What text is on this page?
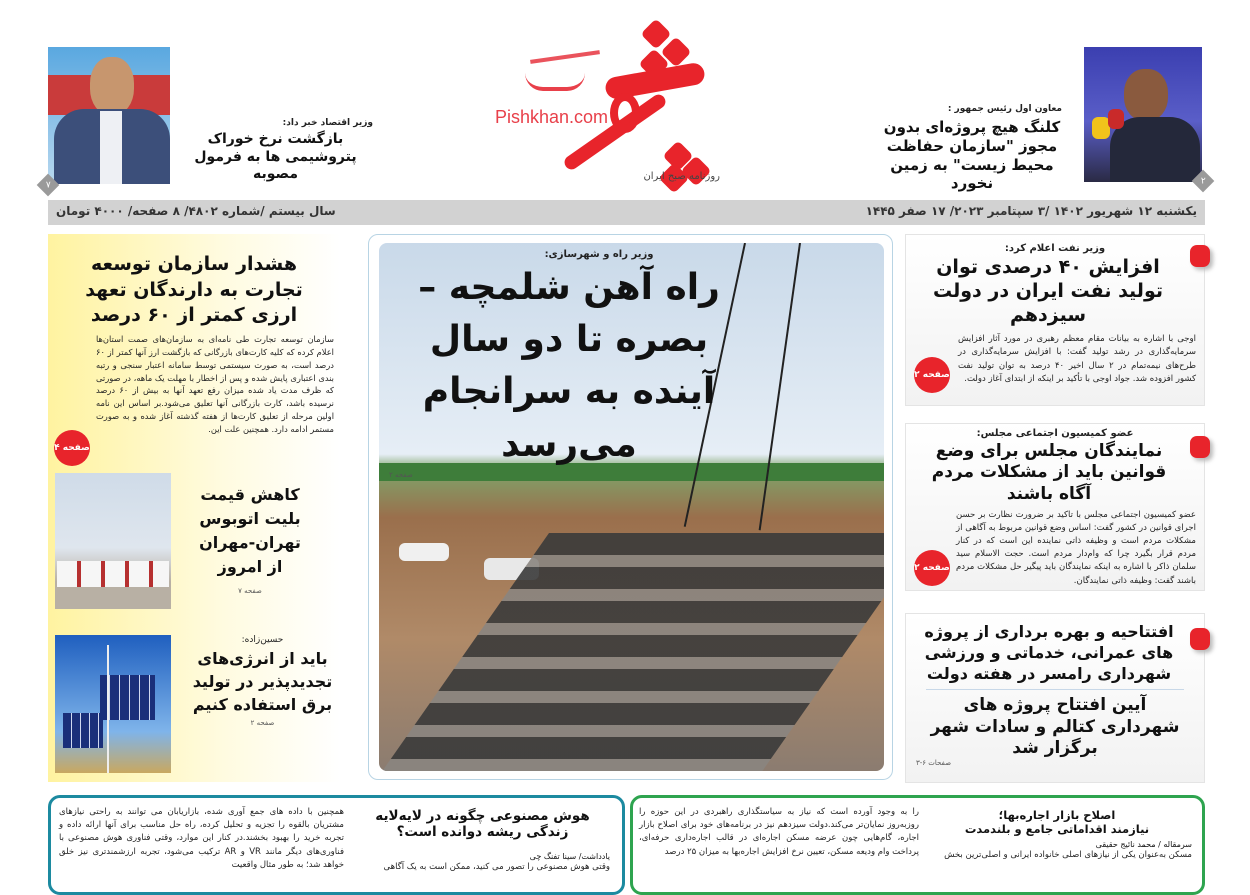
Pishkhan.com
روزنامه صبح ایران	۲
معاون اول رئیس جمهور :
کلنگ هیچ پروژه‌ای بدون مجوز "سازمان حفاظت محیط زیست" به زمین نخورد
۷
وزیر اقتصاد خبر داد:
بازگشت نرخ خوراک پتروشیمی ها به فرمول مصوبه
یکشنبه ۱۲ شهریور ۱۴۰۲ /۳ سپتامبر ۲۰۲۳/ ۱۷ صفر ۱۴۴۵
سال بیستم /شماره ۴۸۰۲/ ۸ صفحه/ ۴۰۰۰ تومان
وزیر راه و شهرسازی:
راه آهن شلمچه – بصره تا دو سال آینده به سرانجام می‌رسد
صفحه ۲
وزیر نفت اعلام کرد:
افزایش ۴۰ درصدی توان تولید نفت ایران در دولت سیزدهم
اوجی با اشاره به بیانات مقام معظم رهبری در مورد آثار افزایش سرمایه‌گذاری در رشد تولید گفت: با افزایش سرمایه‌گذاری در طرح‌های نیمه‌تمام در ۲ سال اخیر ۴۰ درصد به توان تولید نفت کشور افزوده شد. جواد اوجی با تأکید بر اینکه از ابتدای آغاز دولت.
صفحه ۲
عضو کمیسیون اجتماعی مجلس:
نمایندگان مجلس برای وضع قوانین باید از مشکلات مردم آگاه باشند
عضو کمیسیون اجتماعی مجلس با تاکید بر ضرورت نظارت بر حسن اجرای قوانین در کشور گفت: اساس وضع قوانین مربوط به آگاهی از مشکلات مردم است و وظیفه ذاتی نماینده این است که در کنار مردم قرار بگیرد چرا که وام‌دار مردم است. حجت الاسلام سید سلمان ذاکر با اشاره به اینکه نمایندگان باید پیگیر حل مشکلات مردم باشند گفت: وظیفه ذاتی نمایندگان.
صفحه ۲
افتتاحیه و بهره برداری از پروژه های عمرانی، خدماتی و ورزشی شهرداری رامسر در هفته دولت
آیین افتتاح پروژه های شهرداری کتالم و سادات شهر برگزار شد
صفحات ۶-۳
هشدار سازمان توسعه تجارت به دارندگان تعهد ارزی کمتر از ۶۰ درصد
سازمان توسعه تجارت طی نامه‌ای به سازمان‌های صمت استان‌ها اعلام کرده که کلیه کارت‌های بازرگانی که بازگشت ارز آنها کمتر از ۶۰ درصد است، به صورت سیستمی توسط سامانه اعتبار سنجی و رتبه بندی اعتباری پایش شده و پس از اخطار با مهلت یک ماهه، در صورتی که ظرف مدت یاد شده میزان رفع تعهد آنها به بیش از ۶۰ درصد نرسیده باشد، کارت بازرگانی آنها تعلیق می‌شود.بر اساس این نامه اولین مرحله از تعلیق کارت‌ها از هفته گذشته آغاز شده و به صورت مستمر ادامه دارد. همچنین علت این.
صفحه ۴
کاهش قیمت بلیت اتوبوس تهران-مهران از امروز
صفحه ۷
حسین‌زاده:
باید از انرژی‌های تجدیدپذیر در تولید برق استفاده کنیم
صفحه ۲
هوش مصنوعی چگونه در لایه‌لایه زندگی ریشه دوانده است؟
یادداشت/ سینا تفنگ چی
وقتی هوش مصنوعی را تصور می کنید، ممکن است به یک آگاهی
همچنین با داده های جمع آوری شده، بازاریابان می توانند به راحتی نیازهای مشتریان بالقوه را تجزیه و تحلیل کرده، راه حل مناسب برای آنها ارائه داده و تجربه خرید را بهبود بخشند.در کنار این موارد، وقتی فناوری هوش مصنوعی با فناوری‌های دیگر مانند VR و AR ترکیب می‌شود، تجربه ارزشمندتری نیز خلق خواهد شد؛ به طور مثال واقعیت
اصلاح بازار اجاره‌بها؛
نیازمند اقداماتی جامع و بلندمدت
سرمقاله / محمد نائیج حقیقی
مسکن به‌عنوان یکی از نیازهای اصلی خانواده ایرانی و اصلی‌ترین بخش
را به وجود آورده است که نیاز به سیاستگذاری راهبردی در این حوزه را روزبه‌روز نمایان‌تر می‌کند.دولت سیزدهم نیز در برنامه‌های خود برای اصلاح بازار اجاره، گام‌هایی چون عرضه مسکن اجاره‌ای در قالب اجاره‌داری حرفه‌ای، پرداخت وام ودیعه مسکن، تعیین نرخ افزایش اجاره‌بها به میزان ۲۵ درصد
